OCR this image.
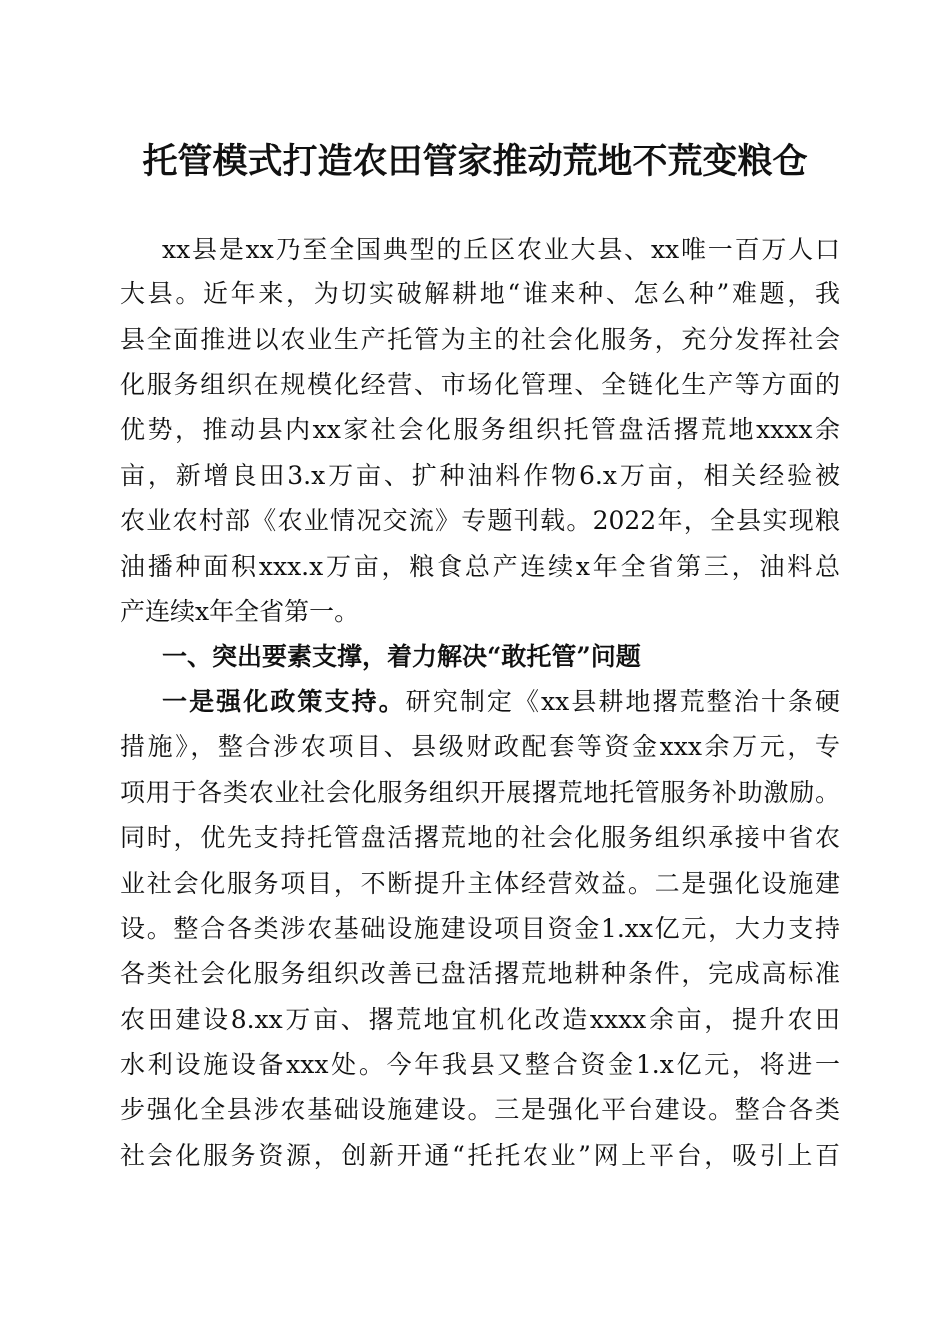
托管模式打造农田管家推动荒地不荒变粮仓
xx县是xx乃至全国典型的丘区农业大县、xx唯一百万人口
大县。近年来，为切实破解耕地“谁来种、怎么种”难题，我
县全面推进以农业生产托管为主的社会化服务，充分发挥社会
化服务组织在规模化经营、市场化管理、全链化生产等方面的
优势，推动县内xx家社会化服务组织托管盘活撂荒地xxxx余
亩，新增良田3.x万亩、扩种油料作物6.x万亩，相关经验被
农业农村部《农业情况交流》专题刊载。2022年，全县实现粮
油播种面积xxx.x万亩，粮食总产连续x年全省第三，油料总
产连续x年全省第一。
一、突出要素支撑，着力解决“敢托管”问题
一是强化政策支持。研究制定《xx县耕地撂荒整治十条硬
措施》，整合涉农项目、县级财政配套等资金xxx余万元，专
项用于各类农业社会化服务组织开展撂荒地托管服务补助激励。
同时，优先支持托管盘活撂荒地的社会化服务组织承接中省农
业社会化服务项目，不断提升主体经营效益。二是强化设施建
设。整合各类涉农基础设施建设项目资金1.xx亿元，大力支持
各类社会化服务组织改善已盘活撂荒地耕种条件，完成高标准
农田建设8.xx万亩、撂荒地宜机化改造xxxx余亩，提升农田
水利设施设备xxx处。今年我县又整合资金1.x亿元，将进一
步强化全县涉农基础设施建设。三是强化平台建设。整合各类
社会化服务资源，创新开通“托托农业”网上平台，吸引上百
